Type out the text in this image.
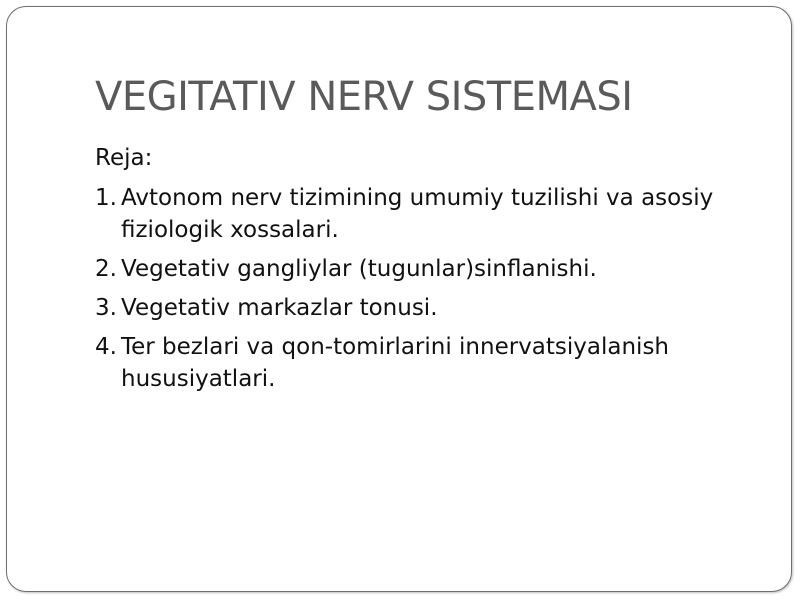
VEGITATIV NERV SISTEMASI

Reja:

1. Avtonom nerv tizimining umumiy tuzilishi va asosiy fiziologik xossalari.
2. Vegetativ gangliylar (tugunlar)sinflanishi.
3. Vegetativ markazlar tonusi.
4. Ter bezlari va qon-tomirlarini innervatsiyalanish hususiyatlari.
